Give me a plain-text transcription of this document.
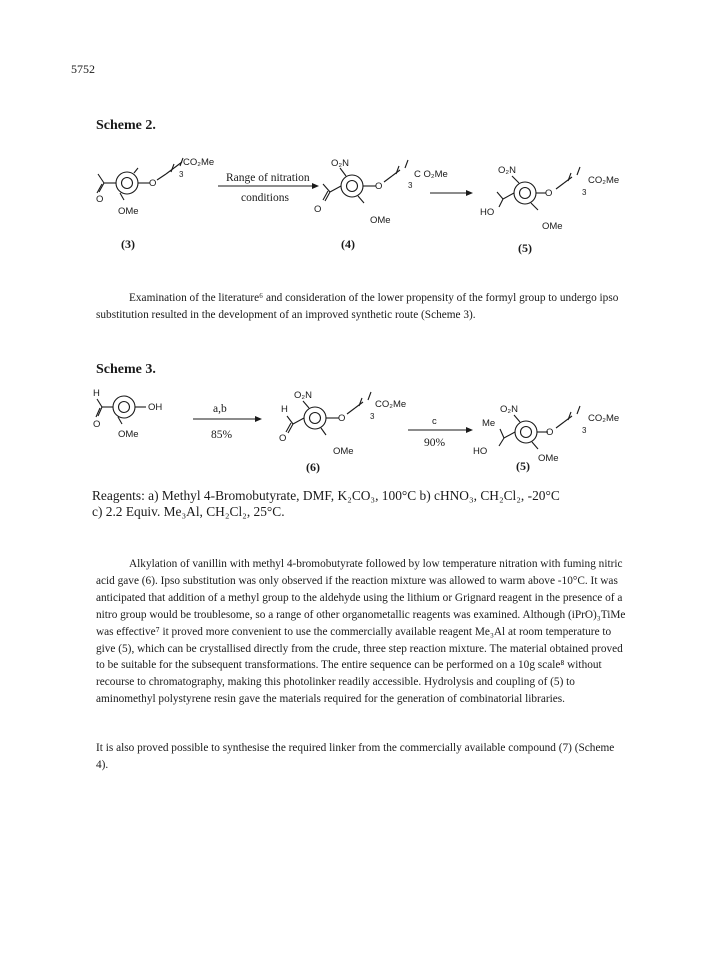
5752
Scheme 2.
O
OMe
O
CO₂Me
3	Range of nitration
conditions
O₂N
O
O
OMe
C O₂Me
3
O₂N
HO
O
OMe
CO₂Me
3
(3)	(4)	(5)
H
O
OH
OMe
a,b
85%
O₂N
H
O
O
OMe
CO₂Me
3
(6)
c
90%
O₂N
Me
HO
O
OMe
CO₂Me
3
(5)
Examination of the literature⁶ and consideration of the lower propensity of the formyl group to undergo ipso substitution resulted in the development of an improved synthetic route (Scheme 3).
Scheme 3.
Reagents: a) Methyl 4-Bromobutyrate, DMF, K₂CO₃, 100°C b) cHNO₃, CH₂Cl₂, -20°C
c) 2.2 Equiv. Me₃Al, CH₂Cl₂, 25°C.
Alkylation of vanillin with methyl 4-bromobutyrate followed by low temperature nitration with fuming nitric acid gave (6). Ipso substitution was only observed if the reaction mixture was allowed to warm above -10°C. It was anticipated that addition of a methyl group to the aldehyde using the lithium or Grignard reagent in the presence of a nitro group would be troublesome, so a range of other organometallic reagents was examined. Although (iPrO)₃TiMe was effective⁷ it proved more convenient to use the commercially available reagent Me₃Al at room temperature to give (5), which can be crystallised directly from the crude, three step reaction mixture. The material obtained proved to be suitable for the subsequent transformations. The entire sequence can be performed on a 10g scale⁸ without recourse to chromatography, making this photolinker readily accessible. Hydrolysis and coupling of (5) to aminomethyl polystyrene resin gave the materials required for the generation of combinatorial libraries.
It is also proved possible to synthesise the required linker from the commercially available compound (7) (Scheme 4).
